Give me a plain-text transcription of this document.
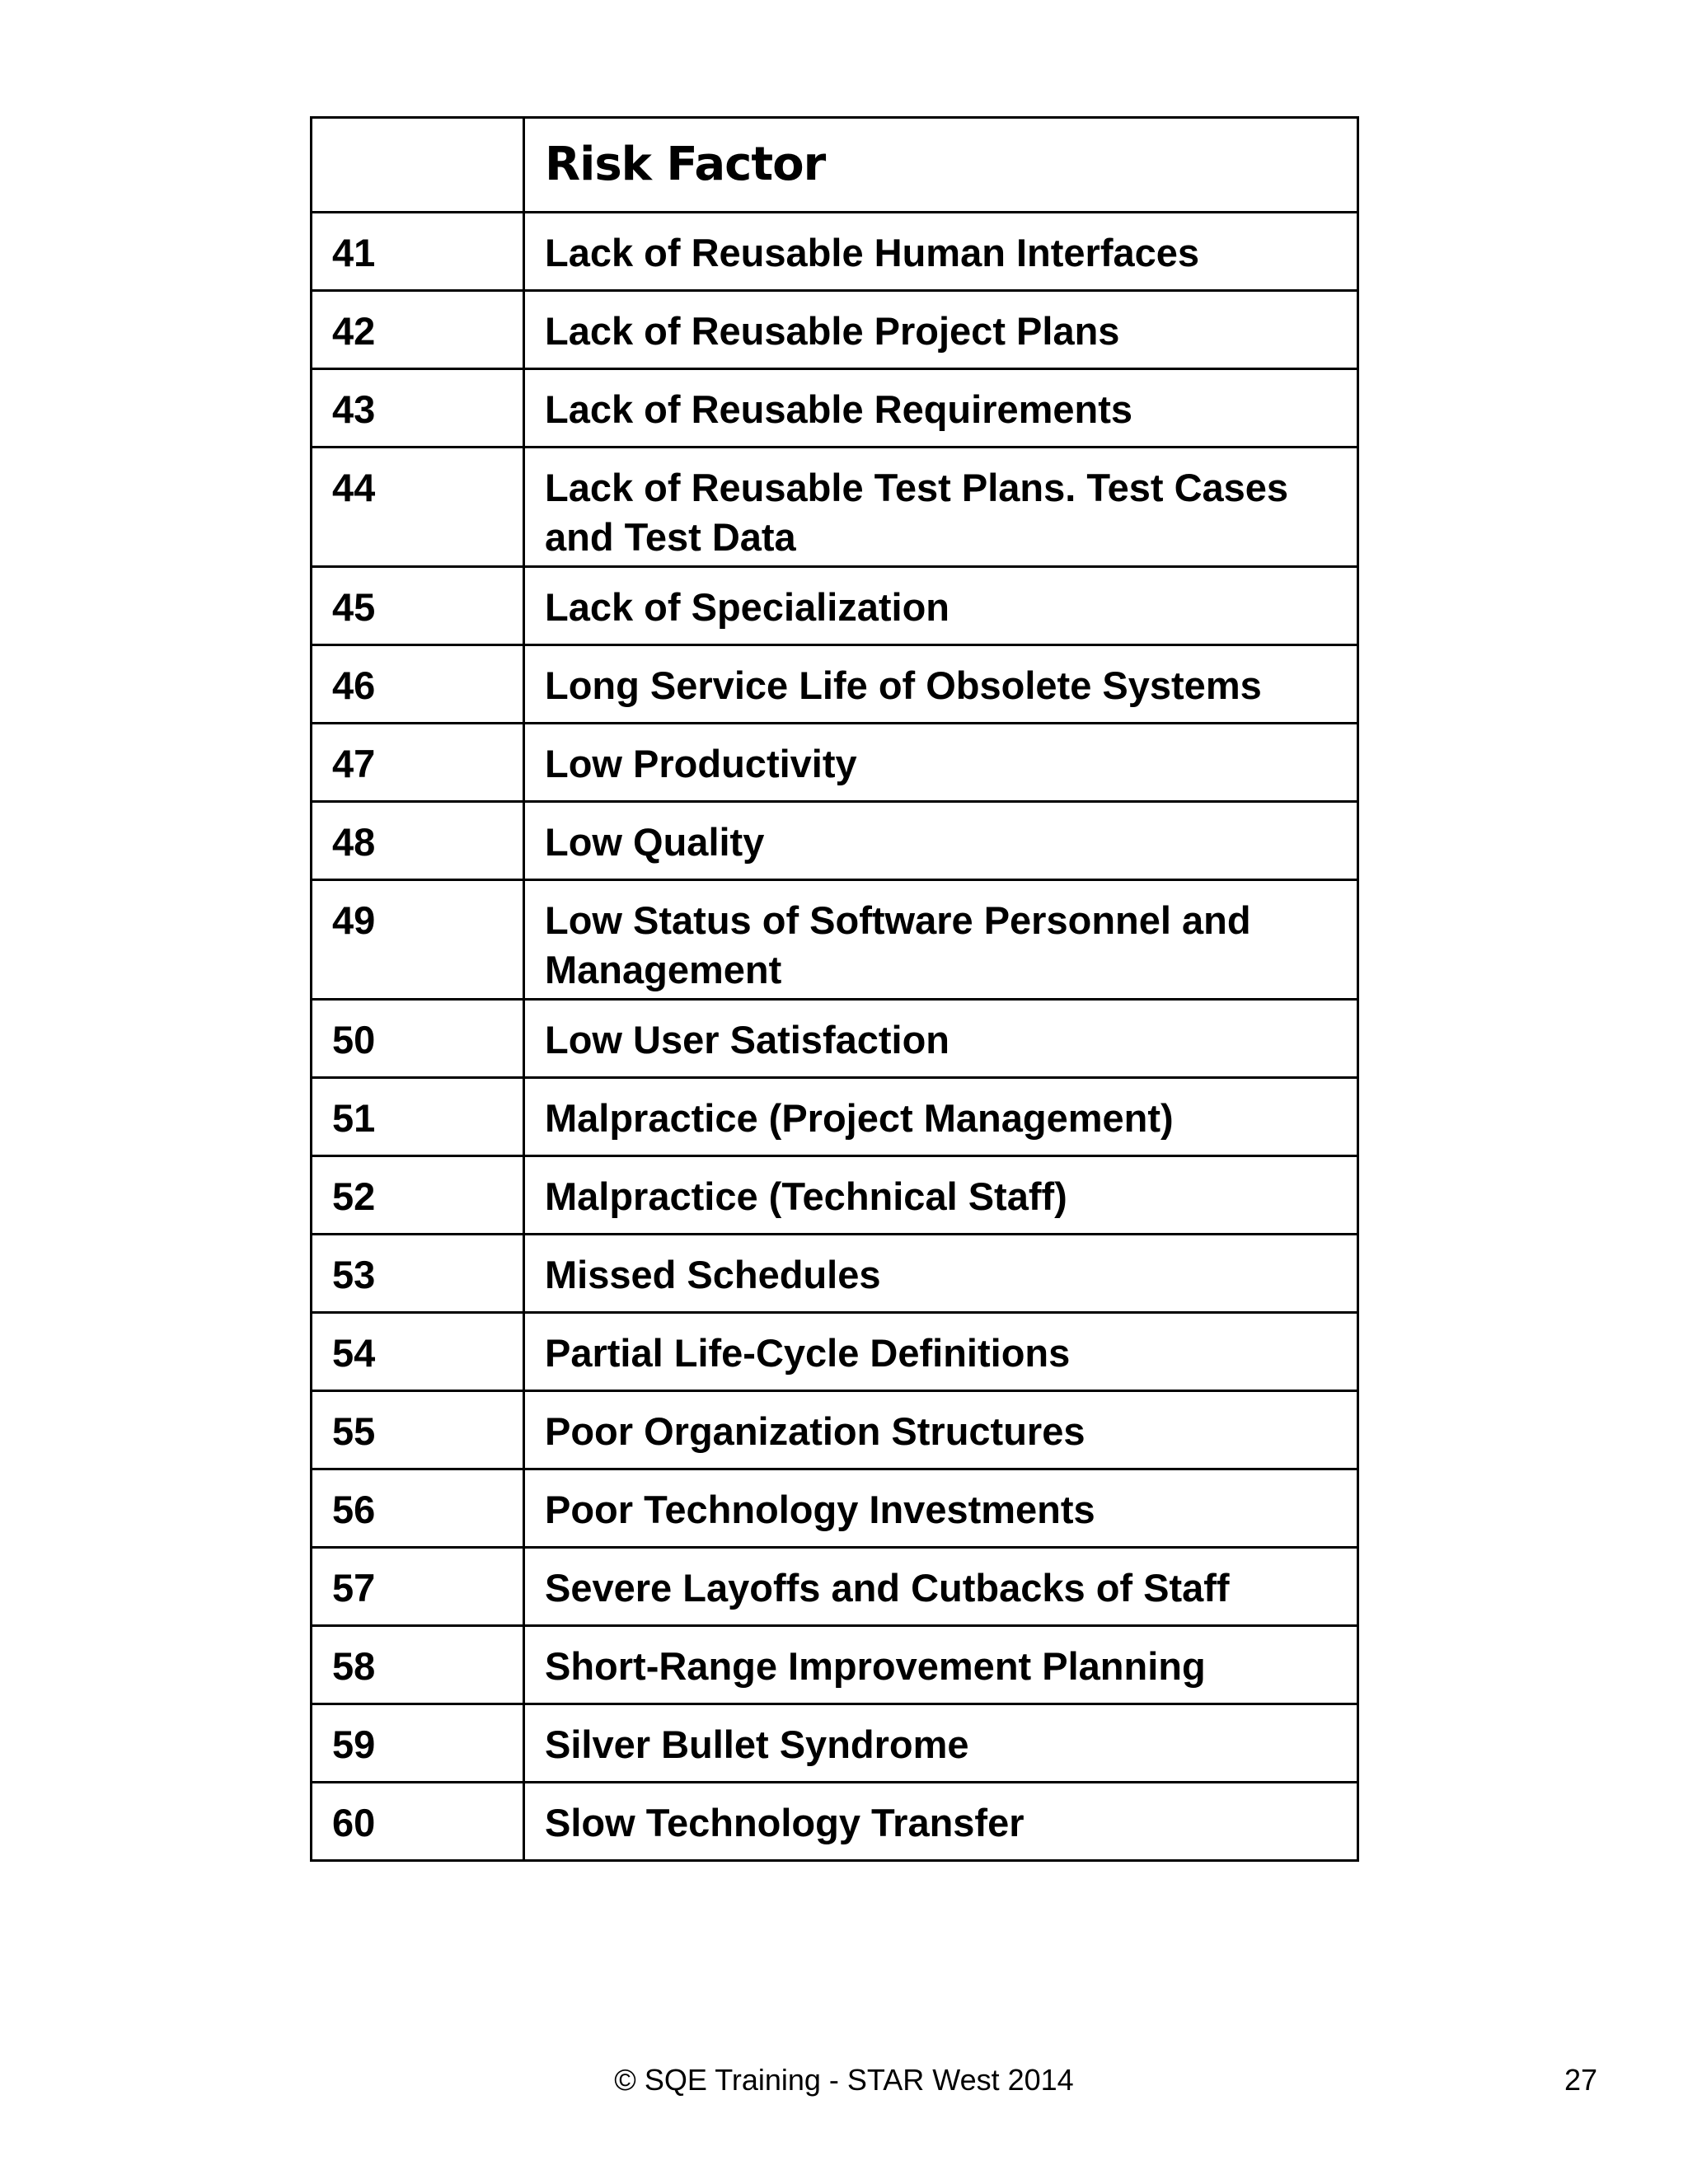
	Risk Factor
41	Lack of Reusable Human Interfaces
42	Lack of Reusable Project Plans
43	Lack of Reusable Requirements
44	Lack of Reusable Test Plans. Test Cases and Test Data
45	Lack of Specialization
46	Long Service Life of Obsolete Systems
47	Low Productivity
48	Low Quality
49	Low Status of Software Personnel and Management
50	Low User Satisfaction
51	Malpractice (Project Management)
52	Malpractice (Technical Staff)
53	Missed Schedules
54	Partial Life-Cycle Definitions
55	Poor Organization Structures
56	Poor Technology Investments
57	Severe Layoffs and Cutbacks of Staff
58	Short-Range Improvement Planning
59	Silver Bullet Syndrome
60	Slow Technology Transfer
© SQE Training - STAR West 2014	27
